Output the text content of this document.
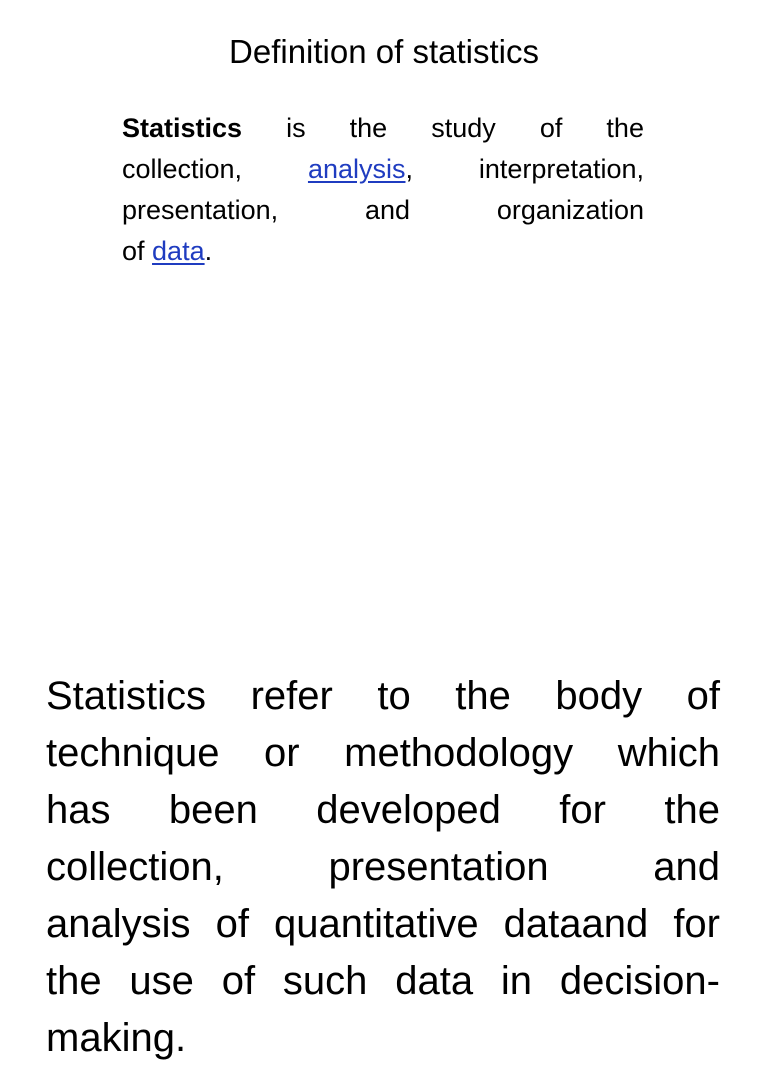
Definition of statistics
Statistics is the study of the
collection, analysis, interpretation,
presentation,	and	organization
of data .
Statistics refer to the body of
technique or methodology which
has been developed for the
collection,	presentation	and
analysis of quantitative dataand for
the use of such data in decision-
making.
